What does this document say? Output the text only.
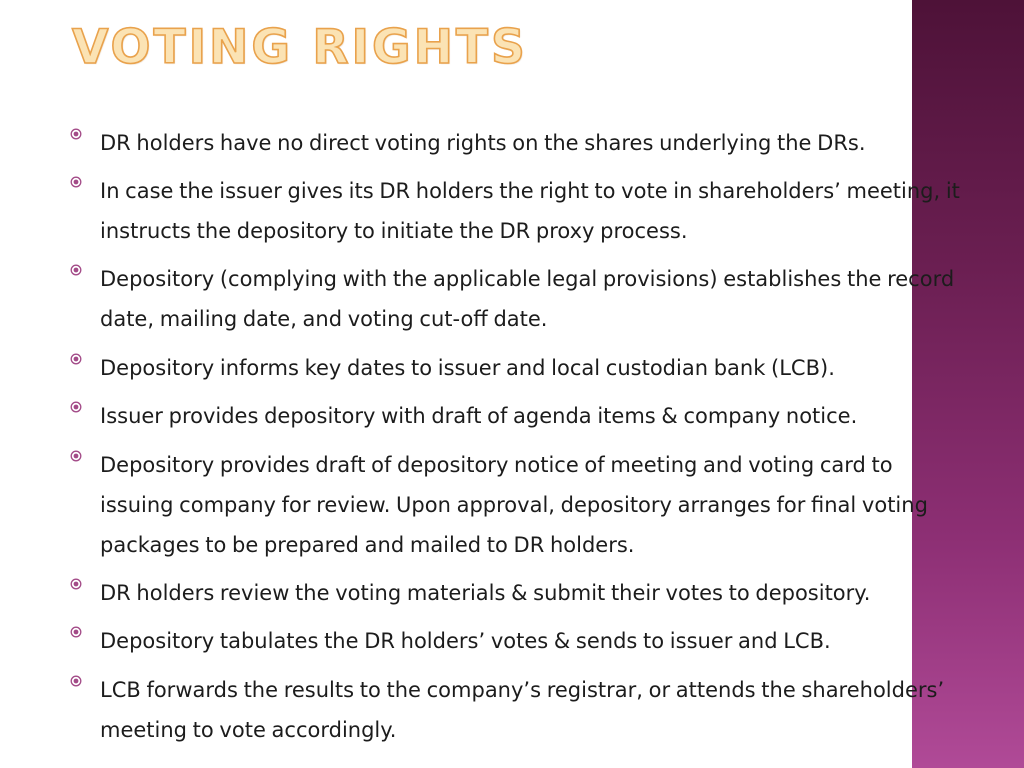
VOTING RIGHTS
DR holders have no direct voting rights on the shares underlying the DRs.
In case the issuer gives its DR holders the right to vote in shareholders’ meeting, it instructs the depository to initiate the DR proxy process.
Depository (complying with the applicable legal provisions) establishes the record date, mailing date, and voting cut-off date.
Depository informs key dates to issuer and local custodian bank (LCB).
Issuer provides depository with draft of agenda items & company notice.
Depository provides draft of depository notice of meeting and voting card to issuing company for review. Upon approval, depository arranges for final voting packages to be prepared and mailed to DR holders.
DR holders review the voting materials & submit their votes to depository.
Depository tabulates the DR holders’ votes & sends to issuer and LCB.
LCB forwards the results to the company’s registrar, or attends the shareholders’ meeting to vote accordingly.
